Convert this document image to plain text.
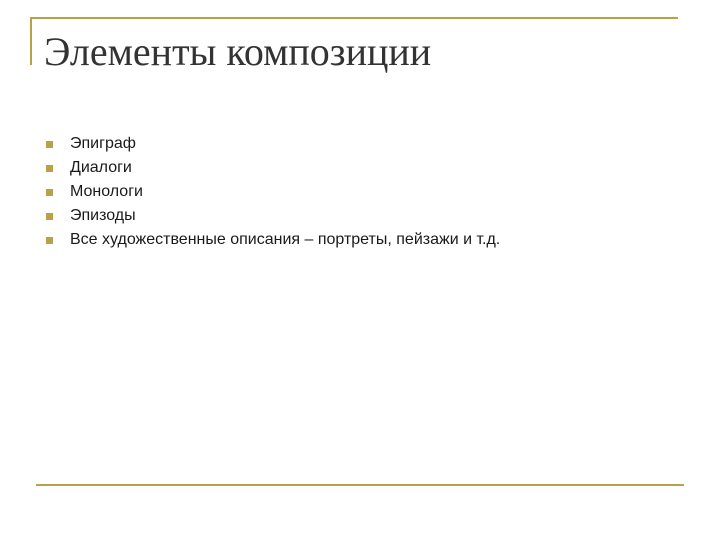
Элементы композиции
Эпиграф
Диалоги
Монологи
Эпизоды
Все художественные описания – портреты, пейзажи и т.д.
